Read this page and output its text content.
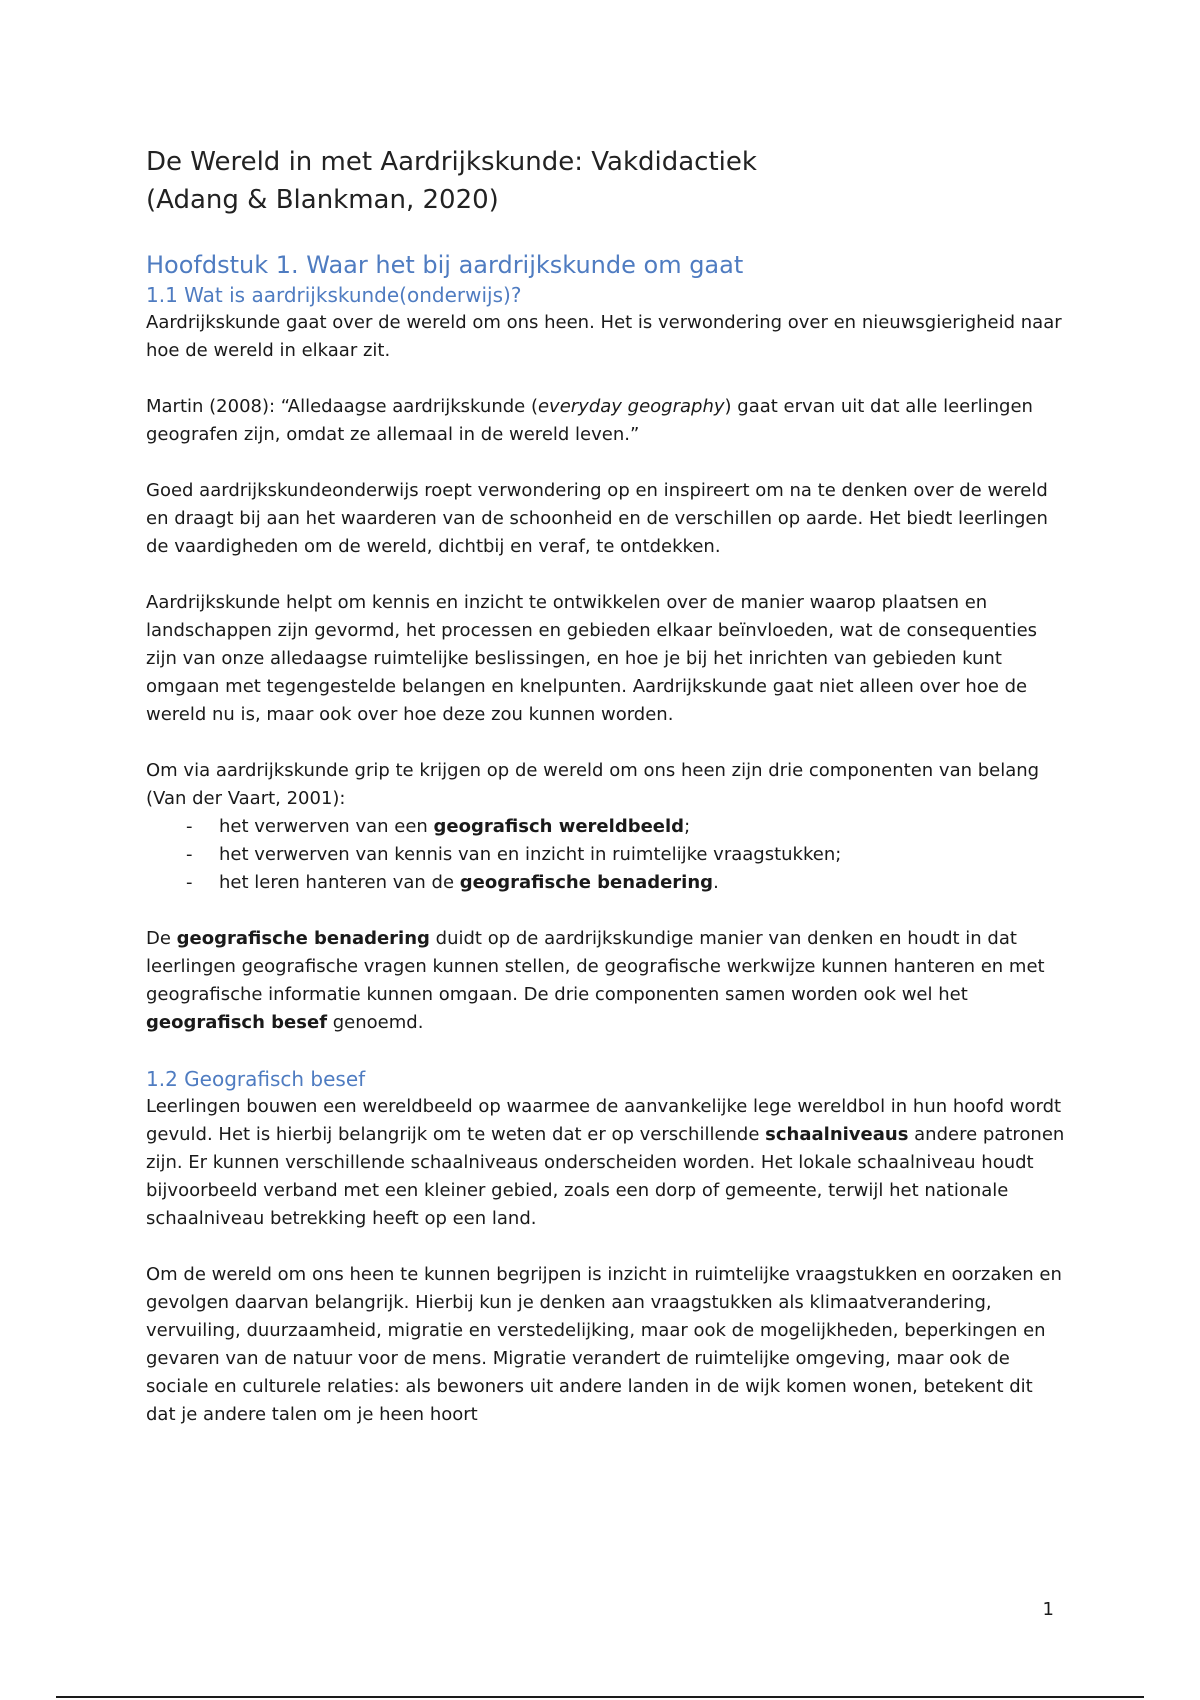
De Wereld in met Aardrijkskunde: Vakdidactiek
(Adang & Blankman, 2020)
Hoofdstuk 1. Waar het bij aardrijkskunde om gaat
1.1 Wat is aardrijkskunde(onderwijs)?

Aardrijkskunde gaat over de wereld om ons heen. Het is verwondering over en nieuwsgierigheid naar hoe de wereld in elkaar zit.

Martin (2008): “Alledaagse aardrijkskunde (everyday geography) gaat ervan uit dat alle leerlingen geografen zijn, omdat ze allemaal in de wereld leven.”

Goed aardrijkskundeonderwijs roept verwondering op en inspireert om na te denken over de wereld en draagt bij aan het waarderen van de schoonheid en de verschillen op aarde. Het biedt leerlingen de vaardigheden om de wereld, dichtbij en veraf, te ontdekken.

Aardrijkskunde helpt om kennis en inzicht te ontwikkelen over de manier waarop plaatsen en landschappen zijn gevormd, het processen en gebieden elkaar beïnvloeden, wat de consequenties zijn van onze alledaagse ruimtelijke beslissingen, en hoe je bij het inrichten van gebieden kunt omgaan met tegengestelde belangen en knelpunten. Aardrijkskunde gaat niet alleen over hoe de wereld nu is, maar ook over hoe deze zou kunnen worden.

Om via aardrijkskunde grip te krijgen op de wereld om ons heen zijn drie componenten van belang (Van der Vaart, 2001):

- het verwerven van een geografisch wereldbeeld;
- het verwerven van kennis van en inzicht in ruimtelijke vraagstukken;
- het leren hanteren van de geografische benadering.

De geografische benadering duidt op de aardrijkskundige manier van denken en houdt in dat leerlingen geografische vragen kunnen stellen, de geografische werkwijze kunnen hanteren en met geografische informatie kunnen omgaan. De drie componenten samen worden ook wel het geografisch besef genoemd.

1.2 Geografisch besef

Leerlingen bouwen een wereldbeeld op waarmee de aanvankelijke lege wereldbol in hun hoofd wordt gevuld. Het is hierbij belangrijk om te weten dat er op verschillende schaalniveaus andere patronen zijn. Er kunnen verschillende schaalniveaus onderscheiden worden. Het lokale schaalniveau houdt bijvoorbeeld verband met een kleiner gebied, zoals een dorp of gemeente, terwijl het nationale schaalniveau betrekking heeft op een land.

Om de wereld om ons heen te kunnen begrijpen is inzicht in ruimtelijke vraagstukken en oorzaken en gevolgen daarvan belangrijk. Hierbij kun je denken aan vraagstukken als klimaatverandering, vervuiling, duurzaamheid, migratie en verstedelijking, maar ook de mogelijkheden, beperkingen en gevaren van de natuur voor de mens. Migratie verandert de ruimtelijke omgeving, maar ook de sociale en culturele relaties: als bewoners uit andere landen in de wijk komen wonen, betekent dit dat je andere talen om je heen hoort

1
